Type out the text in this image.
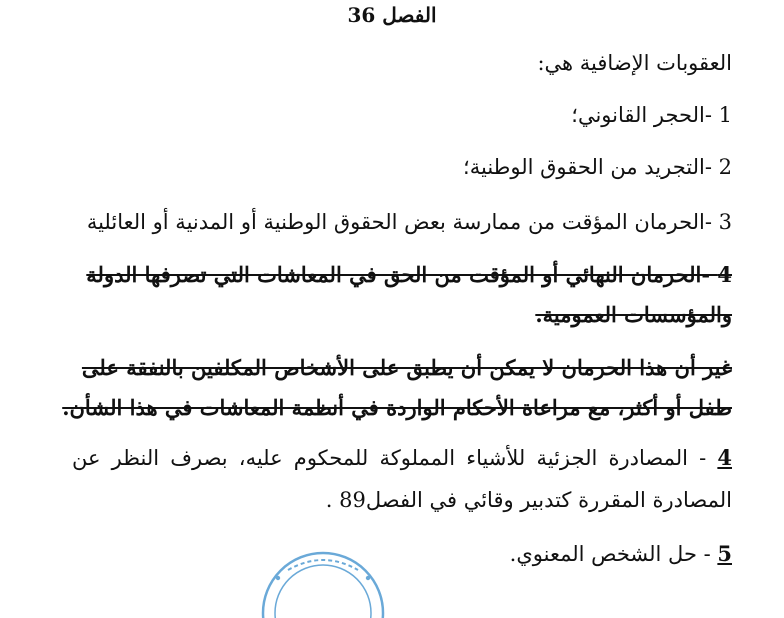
الفصل 36
العقوبات الإضافية هي:
1 -الحجر القانوني؛
2 -التجريد من الحقوق الوطنية؛
3 -الحرمان المؤقت من ممارسة بعض الحقوق الوطنية أو المدنية أو العائلية
4 -الحرمان النهائي أو المؤقت من الحق في المعاشات التي تصرفها الدولة
والمؤسسات العمومية.
غير أن هذا الحرمان لا يمكن أن يطبق على الأشخاص المكلفين بالنفقة على
طفل أو أكثر، مع مراعاة الأحكام الواردة في أنظمة المعاشات في هذا الشأن.
4 - المصادرة الجزئية للأشياء المملوكة للمحكوم عليه، بصرف النظر عن
المصادرة المقررة كتدبير وقائي في الفصل89 .
5 - حل الشخص المعنوي.
